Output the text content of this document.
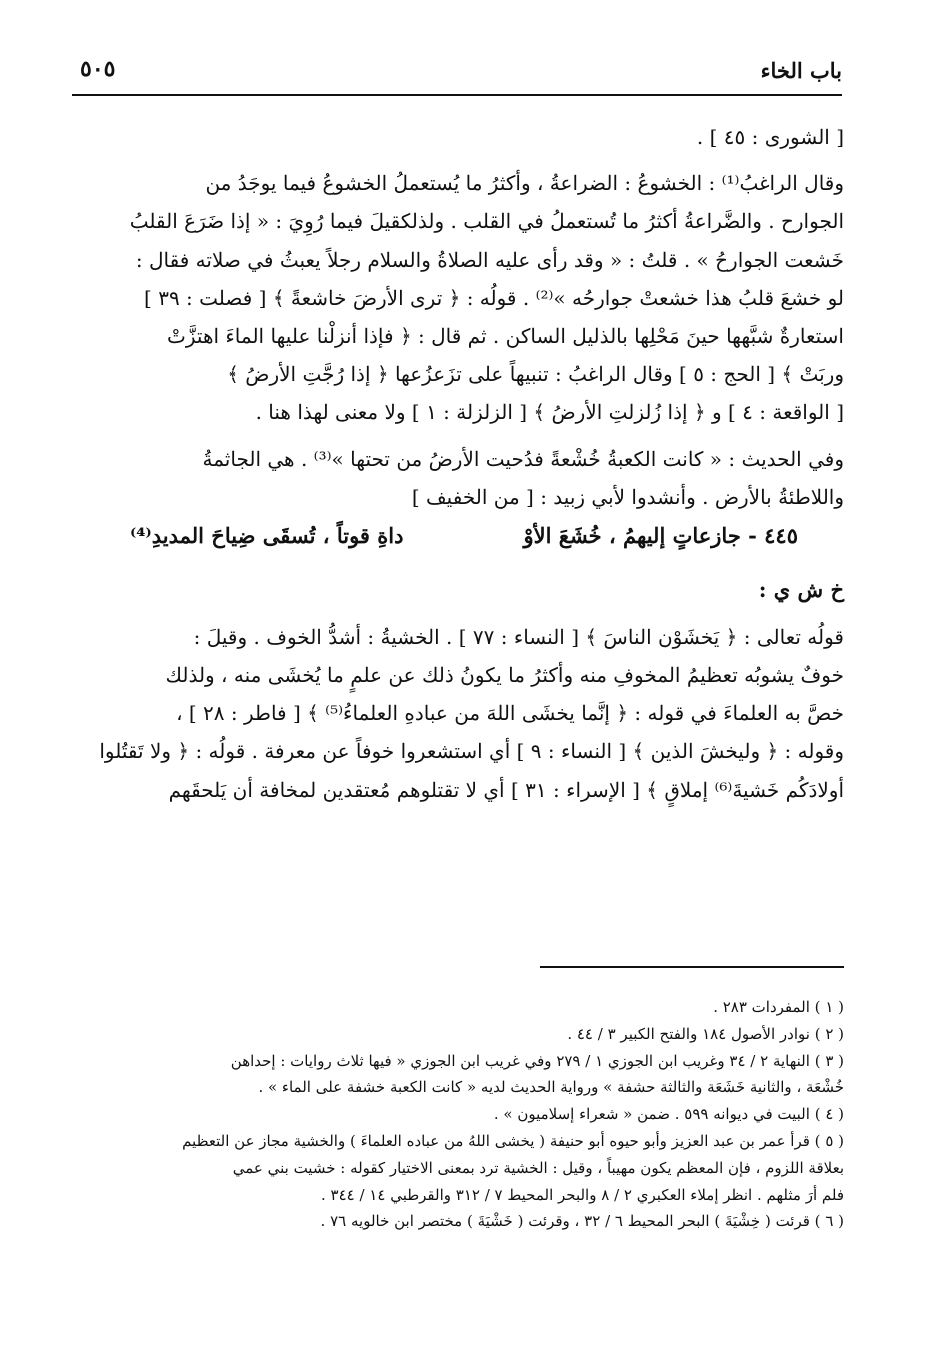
باب الخاء
٥٠٥
[ الشورى : ٤٥ ] .
وقال الراغبُ⁽¹⁾ : الخشوعُ : الضراعةُ ، وأكثرُ ما يُستعملُ الخشوعُ فيما يوجَدُ من
الجوارح . والضَّراعةُ أكثرُ ما تُستعملُ في القلب . ولذلكقيلَ فيما رُوِيَ : « إذا ضَرَعَ القلبُ
خَشعت الجوارحُ » . قلتُ : « وقد رأى عليه الصلاةُ والسلام رجلاً يعبثُ في صلاته فقال :
لو خشعَ قلبُ هذا خشعتْ جوارحُه »⁽²⁾ . قولُه : ﴿ ترى الأرضَ خاشعةً ﴾ [ فصلت : ٣٩ ]
استعارةٌ شبَّهها حينَ مَحْلِها بالذليل الساكن . ثم قال : ﴿ فإذا أنزلْنا عليها الماءَ اهتزَّتْ
وربَتْ ﴾ [ الحج : ٥ ] وقال الراغبُ : تنبيهاً على تزَعزُعها ﴿ إذا رُجَّتِ الأرضُ ﴾
[ الواقعة : ٤ ] و ﴿ إذا زُلزلتِ الأرضُ ﴾ [ الزلزلة : ١ ] ولا معنى لهذا هنا .
وفي الحديث : « كانت الكعبةُ خُشْعةً فدُحيت الأرضُ من تحتها »⁽³⁾ . هي الجاثمةُ
واللاطئةُ بالأرض . وأنشدوا لأبي زبيد : [ من الخفيف ]
٤٤٥ - جازعاتٍ إليهمُ ، خُشَعَ الأوْ
داةِ قوتاً ، تُسقَى ضِياحَ المديدِ⁽⁴⁾
خ ش ي :
قولُه تعالى : ﴿ يَخشَوْن الناسَ ﴾ [ النساء : ٧٧ ] . الخشيةُ : أشدُّ الخوف . وقيلَ :
خوفٌ يشوبُه تعظيمُ المخوفِ منه وأكثرُ ما يكونُ ذلك عن علمٍ ما يُخشَى منه ، ولذلك
خصَّ به العلماءَ في قوله : ﴿ إنَّما يخشَى اللهَ من عبادهِ العلماءُ⁽⁵⁾ ﴾ [ فاطر : ٢٨ ] ،
وقوله : ﴿ وليخشَ الذين ﴾ [ النساء : ٩ ] أي استشعروا خوفاً عن معرفة . قولُه : ﴿ ولا تَقتُلوا
أولادَكُم خَشيةَ⁽⁶⁾ إملاقٍ ﴾ [ الإسراء : ٣١ ] أي لا تقتلوهم مُعتقدين لمخافة أن يَلحقَهم
( ١ ) المفردات ٢٨٣ .
( ٢ ) نوادر الأصول ١٨٤ والفتح الكبير ٣ / ٤٤ .
( ٣ ) النهاية ٢ / ٣٤ وغريب ابن الجوزي ١ / ٢٧٩ وفي غريب ابن الجوزي « فيها ثلاث روايات : إحداهن
خُشْعَة ، والثانية خَشَعَة والثالثة حشفة » ورواية الحديث لديه « كانت الكعبة خشفة على الماء » .
( ٤ ) البيت في ديوانه ٥٩٩ . ضمن « شعراء إسلاميون » .
( ٥ ) قرأ عمر بن عبد العزيز وأبو حيوه أبو حنيفة ( يخشى اللهُ من عباده العلماءَ ) والخشية مجاز عن التعظيم
بعلاقة اللزوم ، فإن المعظم يكون مهيباً ، وقيل : الخشية ترد بمعنى الاختيار كقوله : خشيت بني عمي
فلم أرَ مثلهم . انظر إملاء العكبري ٢ / ٨ والبحر المحيط ٧ / ٣١٢ والقرطبي ١٤ / ٣٤٤ .
( ٦ ) قرئت ( خِشْيَةَ ) البحر المحيط ٦ / ٣٢ ، وقرئت ( خَشْيَةَ ) مختصر ابن خالويه ٧٦ .
